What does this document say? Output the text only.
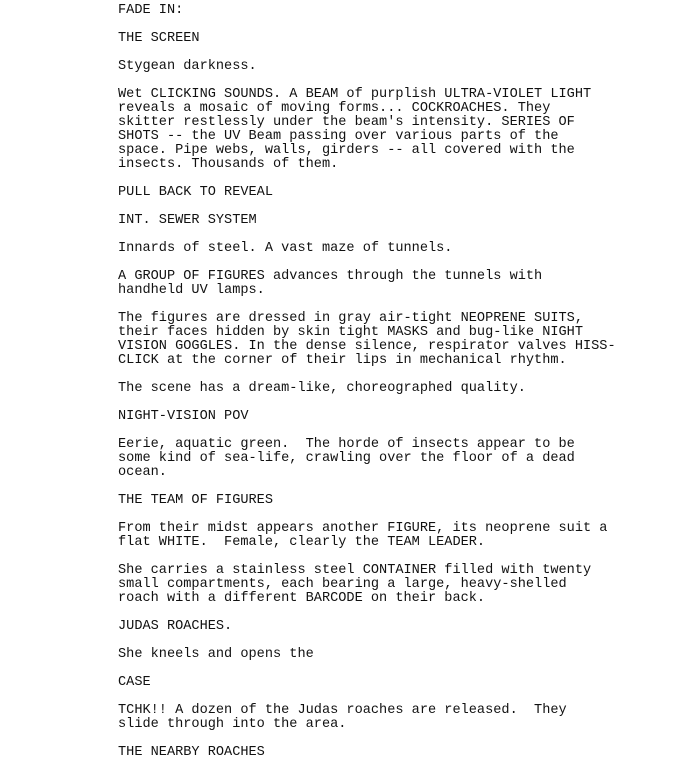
FADE IN:
THE SCREEN
Stygean darkness.
Wet CLICKING SOUNDS. A BEAM of purplish ULTRA-VIOLET LIGHT
reveals a mosaic of moving forms... COCKROACHES. They
skitter restlessly under the beam's intensity. SERIES OF
SHOTS -- the UV Beam passing over various parts of the
space. Pipe webs, walls, girders -- all covered with the
insects. Thousands of them.
PULL BACK TO REVEAL
INT. SEWER SYSTEM
Innards of steel. A vast maze of tunnels.
A GROUP OF FIGURES advances through the tunnels with
handheld UV lamps.
The figures are dressed in gray air-tight NEOPRENE SUITS,
their faces hidden by skin tight MASKS and bug-like NIGHT
VISION GOGGLES. In the dense silence, respirator valves HISS-
CLICK at the corner of their lips in mechanical rhythm.
The scene has a dream-like, choreographed quality.
NIGHT-VISION POV
Eerie, aquatic green.  The horde of insects appear to be
some kind of sea-life, crawling over the floor of a dead
ocean.
THE TEAM OF FIGURES
From their midst appears another FIGURE, its neoprene suit a
flat WHITE.  Female, clearly the TEAM LEADER.
She carries a stainless steel CONTAINER filled with twenty
small compartments, each bearing a large, heavy-shelled
roach with a different BARCODE on their back.
JUDAS ROACHES.
She kneels and opens the
CASE
TCHK!! A dozen of the Judas roaches are released.  They
slide through into the area.
THE NEARBY ROACHES
